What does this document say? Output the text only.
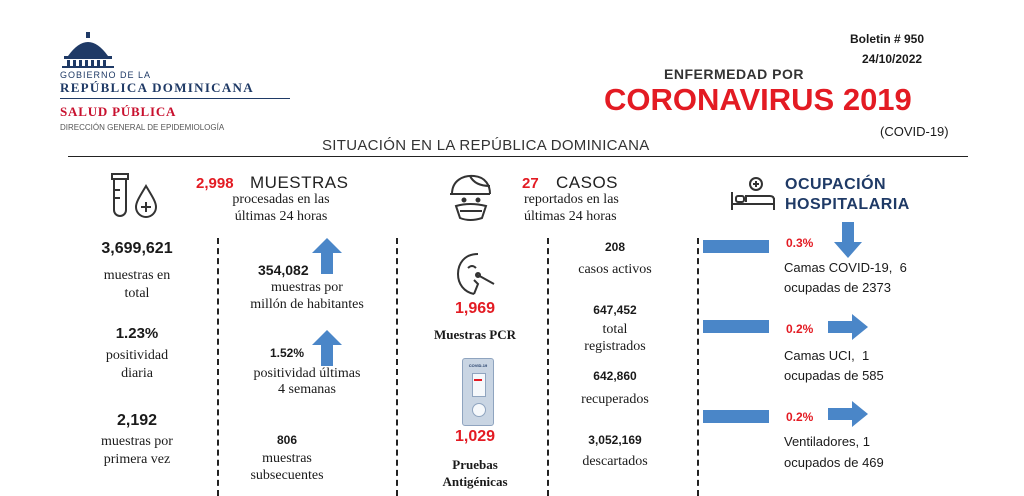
GOBIERNO DE LA
REPÚBLICA DOMINICANA
SALUD PÚBLICA
DIRECCIÓN GENERAL DE EPIDEMIOLOGÍA
Boletin # 950
24/10/2022
ENFERMEDAD POR
CORONAVIRUS 2019
(COVID-19)
SITUACIÓN EN LA REPÚBLICA DOMINICANA
2,998 MUESTRAS
procesadas en las
últimas 24 horas
3,699,621
muestras en
total
1.23%
positividad
diaria
2,192
muestras por
primera vez
354,082
muestras por
millón de habitantes
1.52%
positividad últimas
4 semanas
806
muestras
subsecuentes
1,969
Muestras PCR
COVID-19
1,029
Pruebas
Antigénicas
27 CASOS
reportados en las
últimas 24 horas
208
casos activos
647,452
total
registrados
642,860
recuperados
3,052,169
descartados
OCUPACIÓN
HOSPITALARIA
0.3%
Camas COVID-19,  6
ocupadas de 2373
0.2%
Camas UCI,  1
ocupadas de 585
0.2%
Ventiladores, 1
ocupados de 469
